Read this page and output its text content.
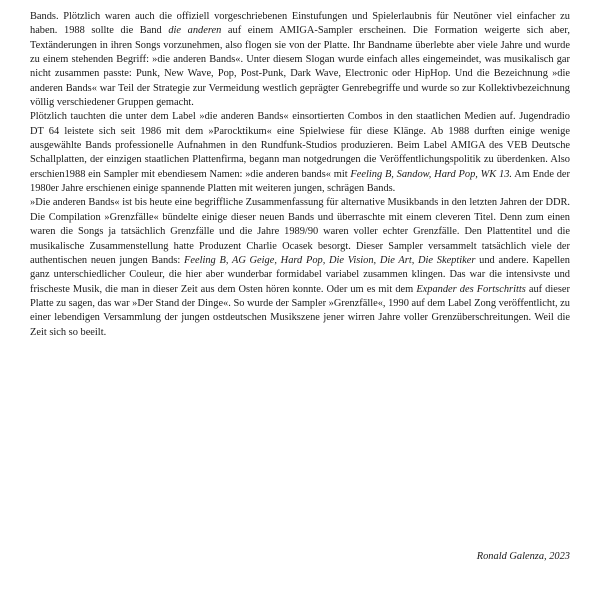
Bands. Plötzlich waren auch die offiziell vorgeschriebenen Einstufungen und Spielerlaubnis für Neutöner viel einfacher zu haben. 1988 sollte die Band die anderen auf einem AMIGA-Sampler erscheinen. Die Formation weigerte sich aber, Textänderungen in ihren Songs vorzunehmen, also flogen sie von der Platte. Ihr Bandname überlebte aber viele Jahre und wurde zu einem stehenden Begriff: »die anderen Bands«. Unter diesem Slogan wurde einfach alles eingemeindet, was musikalisch gar nicht zusammen passte: Punk, New Wave, Pop, Post-Punk, Dark Wave, Electronic oder HipHop. Und die Bezeichnung »die anderen Bands« war Teil der Strategie zur Vermeidung westlich geprägter Genrebegriffe und wurde so zur Kollektivbezeichnung völlig verschiedener Gruppen gemacht.

Plötzlich tauchten die unter dem Label »die anderen Bands« einsortierten Combos in den staatlichen Medien auf. Jugendradio DT 64 leistete sich seit 1986 mit dem »Parocktikum« eine Spielwiese für diese Klänge. Ab 1988 durften einige wenige ausgewählte Bands professionelle Aufnahmen in den Rundfunk-Studios produzieren. Beim Label AMIGA des VEB Deutsche Schallplatten, der einzigen staatlichen Plattenfirma, begann man notgedrungen die Veröffentlichungspolitik zu überdenken. Also erschien1988 ein Sampler mit ebendiesem Namen: »die anderen bands« mit Feeling B, Sandow, Hard Pop, WK 13. Am Ende der 1980er Jahre erschienen einige spannende Platten mit weiteren jungen, schrägen Bands.

»Die anderen Bands« ist bis heute eine begriffliche Zusammenfassung für alternative Musikbands in den letzten Jahren der DDR. Die Compilation »Grenzfälle« bündelte einige dieser neuen Bands und überraschte mit einem cleveren Titel. Denn zum einen waren die Songs ja tatsächlich Grenzfälle und die Jahre 1989/90 waren voller echter Grenzfälle. Den Plattentitel und die musikalische Zusammenstellung hatte Produzent Charlie Ocasek besorgt. Dieser Sampler versammelt tatsächlich viele der authentischen neuen jungen Bands: Feeling B, AG Geige, Hard Pop, Die Vision, Die Art, Die Skeptiker und andere. Kapellen ganz unterschiedlicher Couleur, die hier aber wunderbar formidabel variabel zusammen klingen. Das war die intensivste und frischeste Musik, die man in dieser Zeit aus dem Osten hören konnte. Oder um es mit dem Expander des Fortschritts auf dieser Platte zu sagen, das war »Der Stand der Dinge«. So wurde der Sampler »Grenzfälle«, 1990 auf dem Label Zong veröffentlicht, zu einer lebendigen Versammlung der jungen ostdeutschen Musikszene jener wirren Jahre voller Grenzüberschreitungen. Weil die Zeit sich so beeilt.

Ronald Galenza, 2023
